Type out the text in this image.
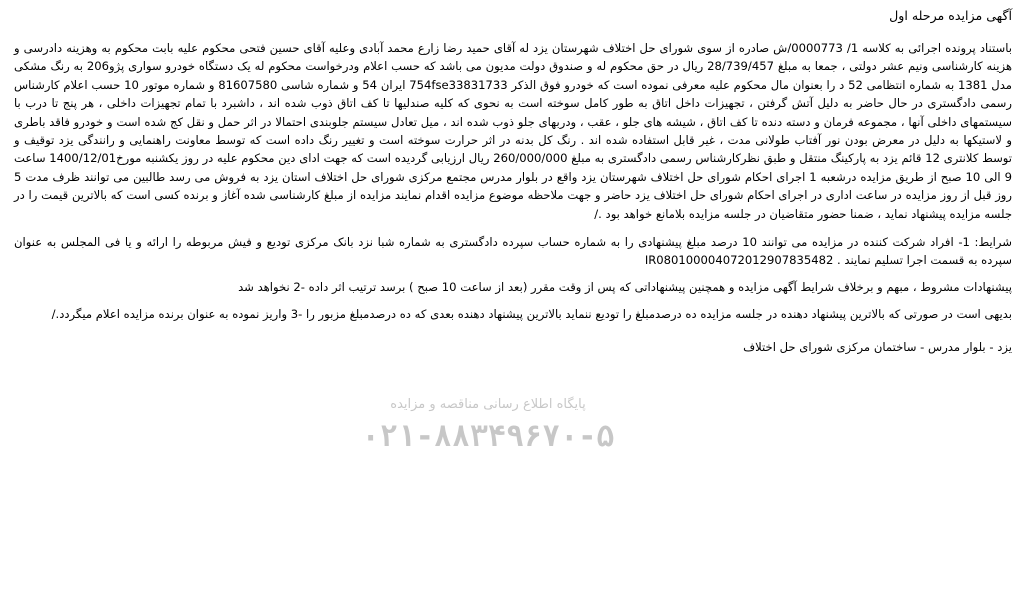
آگهی مزایده مرحله اول

باستناد پرونده اجرائی به کلاسه 1/ 0000773/ش صادره از سوی شورای حل اختلاف شهرستان یزد له آقای حمید رضا زارع محمد آبادی وعلیه آقای حسین فتحی محکوم علیه بابت محکوم به وهزینه دادرسی و هزینه کارشناسی ونیم عشر دولتی ، جمعا به مبلغ 28/739/457 ریال در حق محکوم له و صندوق دولت مدیون می باشد که حسب اعلام ودرخواست محکوم له یک دستگاه خودرو سواری پژو206 به رنگ مشکی مدل 1381 به شماره انتظامی 52 د را بعنوان مال محکوم علیه معرفی نموده است که خودرو فوق الذکر 754fse33831733 ایران 54 و شماره شاسی 81607580 و شماره موتور 10 حسب اعلام کارشناس رسمی دادگستری در حال حاضر به دلیل آتش گرفتن ، تجهیزات داخل اتاق به طور کامل سوخته است به نحوی که کلیه صندلیها تا کف اتاق ذوب شده اند ، داشبرد با تمام تجهیزات داخلی ، هر پنج تا درب با سیستمهای داخلی آنها ، مجموعه فرمان و دسته دنده تا کف اتاق ، شیشه های جلو ، عقب ، ودربهای جلو ذوب شده اند ، میل تعادل سیستم جلوبندی احتمالا در اثر حمل و نقل کج شده است و خودرو فاقد باطری و لاستیکها به دلیل در معرض بودن نور آفتاب طولانی مدت ، غیر قابل استفاده شده اند . رنگ کل بدنه در اثر حرارت سوخته است و تغییر رنگ داده است که توسط معاونت راهنمایی و رانندگی یزد توقیف و توسط کلانتری 12 قائم یزد به پارکینگ منتقل و طبق نظرکارشناس رسمی دادگستری به مبلغ 260/000/000 ریال ارزیابی گردیده است که جهت ادای دین محکوم علیه در روز یکشنبه مورخ1400/12/01 ساعت 9 الی 10 صبح از طریق مزایده درشعبه 1 اجرای احکام شورای حل اختلاف شهرستان یزد واقع در بلوار مدرس مجتمع مرکزی شورای حل اختلاف استان یزد به فروش می رسد طالبین می توانند ظرف مدت 5 روز قبل از روز مزایده در ساعت اداری در اجرای احکام شورای حل اختلاف یزد حاضر و جهت ملاحظه موضوع مزایده اقدام نمایند مزایده از مبلغ کارشناسی شده آغاز و برنده کسی است که بالاترین قیمت را در جلسه مزایده پیشنهاد نماید ، ضمنا حضور متقاضیان در جلسه مزایده بلامانع خواهد بود ./

شرایط: 1- افراد شرکت کننده در مزایده می توانند 10 درصد مبلغ پیشنهادی را به شماره حساب سپرده دادگستری به شماره شبا نزد بانک مرکزی تودیع و فیش مربوطه را ارائه و یا فی المجلس به عنوان سپرده به قسمت اجرا تسلیم نمایند . IR080100004072012907835482

پیشنهادات مشروط ، مبهم و برخلاف شرایط آگهی مزایده و همچنین پیشنهاداتی که پس از وقت مقرر (بعد از ساعت 10 صبح ) برسد ترتیب اثر داده -2 نخواهد شد

بدیهی است در صورتی که بالاترین پیشنهاد دهنده در جلسه مزایده ده درصدمبلغ را تودیع ننماید بالاترین پیشنهاد دهنده بعدی که ده درصدمبلغ مزبور را -3 واریز نموده به عنوان برنده مزایده اعلام میگردد./

یزد - بلوار مدرس - ساختمان مرکزی شورای حل اختلاف
پایگاه اطلاع رسانی مناقصه و مزایده
۰۲۱-۸۸۳۴۹۶۷۰-۵
